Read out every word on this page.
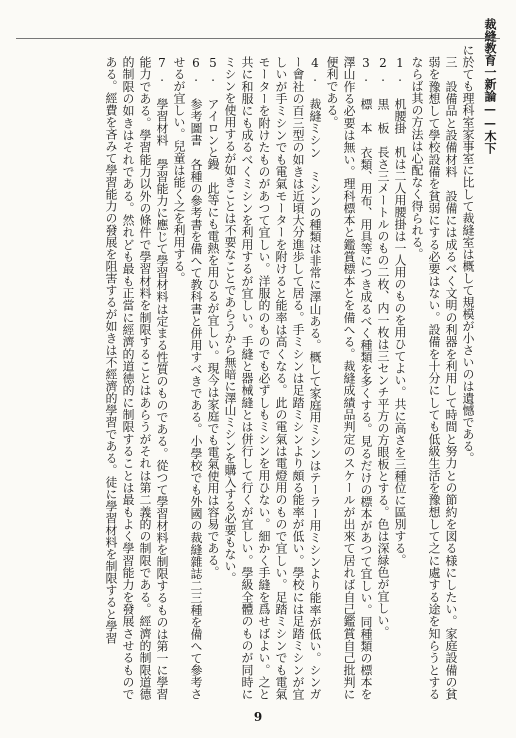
裁縫教育一新論——木下

に於ても理科室家事室に比して裁縫室は概して規模が小さいのは遺憾である。

三　設備品と設備材料　設備には成るべく文明の利器を利用して時間と努力との節約を図る様にしたい。家庭設備の貧弱を豫想して學校設備を貧弱にする必要はない。設備を十分にしても低級生活を豫想して之に處する途を知らうとするならば其の方法は心配なく得られる。

1. 机腰掛　机は二人用腰掛は一人用のものを用ひてよい。共に高さを三種位に區別する。

2. 黒　板　長さ三メートルのもの二枚、内一枚は三センチ平方の方眼板とする。色は深緑色が宜しい。

3. 標　本　衣類、用布、用具等につき成るべく種類を多くする。見るだけの標本があつて宜しい。同種類の標本を澤山作る必要は無い。理科標本と鑑賞標本とを備へる。裁縫成績品判定のスケールが出來て居れば自己鑑賞自己批判に便利である。

4. 裁縫ミシン　ミシンの種類は非常に澤山ある。概して家庭用ミシンはテーラー用ミシンより能率が低い。シンガー會社の百三型の如きは近頃大分進歩して居る。手ミシンは足踏ミシンより頗る能率が低い。學校には足踏ミシンが宜しいが手ミシンでも電氣モーターを附けると能率は高くなる。此の電氣は電燈用のもので宜しい。足踏ミシンでも電氣モーターを附けたものがあつて宜しい。洋服的のものでも必ずしもミシンを用ひない。細かく手縫を爲せばよい。之と共に和服にも成るべくミシンを利用するが宜しい。手縫と器械縫とは併行して行くが宜しい。學級全體のものが同時にミシンを使用するが如きことは不要なことであらうから無暗に澤山ミシンを購入する必要もない。

5. アイロンと鏝　此等にも電熱を用ひるが宜しい。現今は家庭でも電氣使用は容易である。

6. 参考圖書　各種の參考書を備へて教科書と併用すべきである。小學校でも外國の裁縫雜誌二三種を備へて參考させるが宜しい。兒童は能く之を利用する。

7. 學習材料　學習能力に應じて學習材料は定まる性質のものである。從つて學習材料を制限するものは第一に學習能力である。學習能力以外の條件で學習材料を制限することはあらうがそれは第二義的の制限である。經濟的制限道德的制限の如きはそれである。然れども最も正當に經濟的道徳的に制限することは最もよく學習能力を發展させるものである。經費を吝みて學習能力の發展を阻害するが如きは不經濟的學習である。徒に學習材料を制限すると學習

9
